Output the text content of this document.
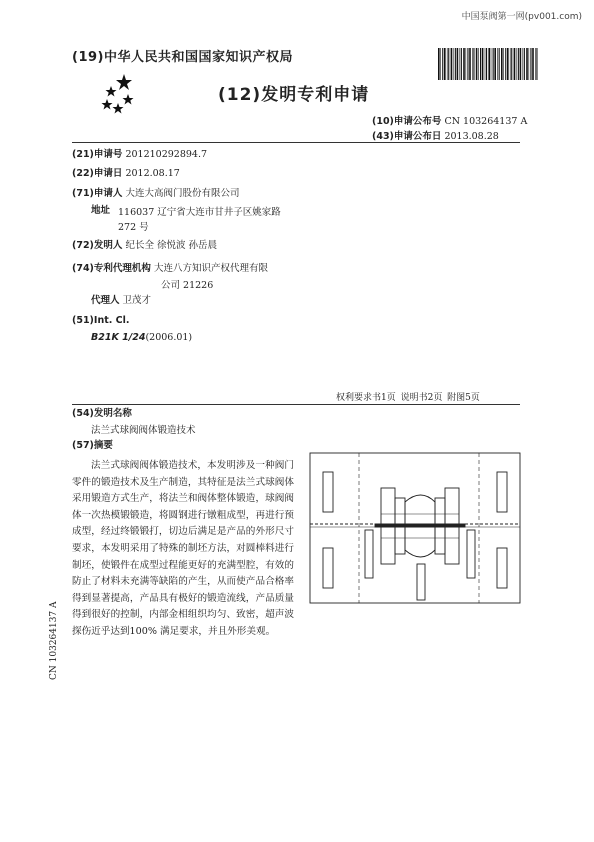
中国泵阀第一网(pv001.com)
(19)中华人民共和国国家知识产权局
(12)发明专利申请
(10)申请公布号 CN 103264137 A
(43)申请公布日 2013.08.28
(21)申请号 201210292894.7
(22)申请日 2012.08.17
(71)申请人 大连大高阀门股份有限公司
地址 116037 辽宁省大连市甘井子区姚家路
272 号
(72)发明人 纪长全 徐悦波 孙岳晨
(74)专利代理机构 大连八方知识产权代理有限
公司 21226
代理人 卫茂才
(51)Int. Cl.
B21K 1/24(2006.01)
权利要求书1页 说明书2页 附图5页
(54)发明名称
法兰式球阀阀体锻造技术
(57)摘要

法兰式球阀阀体锻造技术，本发明涉及一种阀门零件的锻造技术及生产制造，其特征是法兰式球阀体采用锻造方式生产，将法兰和阀体整体锻造，球阀阀体一次热模锻锻造，将圆钢进行镦粗成型，再进行预成型，经过终锻锻打，切边后满足是产品的外形尺寸要求，本发明采用了特殊的制坯方法，对圆棒料进行制坯，使锻件在成型过程能更好的充满型腔，有效的防止了材料未充满等缺陷的产生，从而使产品合格率得到显著提高，产品具有极好的锻造流线，产品质量得到很好的控制，内部金相组织均匀、致密，超声波探伤近乎达到100% 满足要求，并且外形美观。

CN 103264137 A
